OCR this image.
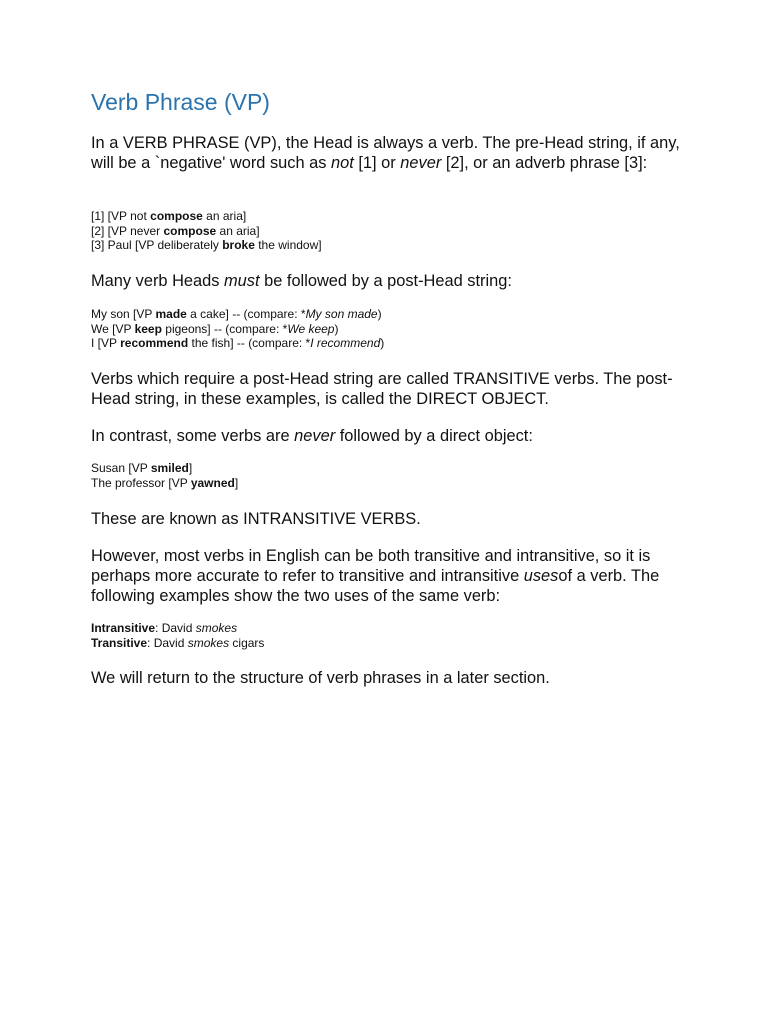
Verb Phrase (VP)

In a VERB PHRASE (VP), the Head is always a verb. The pre-Head string, if any, will be a `negative' word such as not [1] or never [2], or an adverb phrase [3]:

[1] [VP not compose an aria]
[2] [VP never compose an aria]
[3] Paul [VP deliberately broke the window]

Many verb Heads must be followed by a post-Head string:

My son [VP made a cake] -- (compare: *My son made)
We [VP keep pigeons] -- (compare: *We keep)
I [VP recommend the fish] -- (compare: *I recommend)

Verbs which require a post-Head string are called TRANSITIVE verbs. The post-Head string, in these examples, is called the DIRECT OBJECT.

In contrast, some verbs are never followed by a direct object:

Susan [VP smiled]
The professor [VP yawned]

These are known as INTRANSITIVE VERBS.

However, most verbs in English can be both transitive and intransitive, so it is perhaps more accurate to refer to transitive and intransitive usesof a verb. The following examples show the two uses of the same verb:

Intransitive: David smokes
Transitive: David smokes cigars

We will return to the structure of verb phrases in a later section.
